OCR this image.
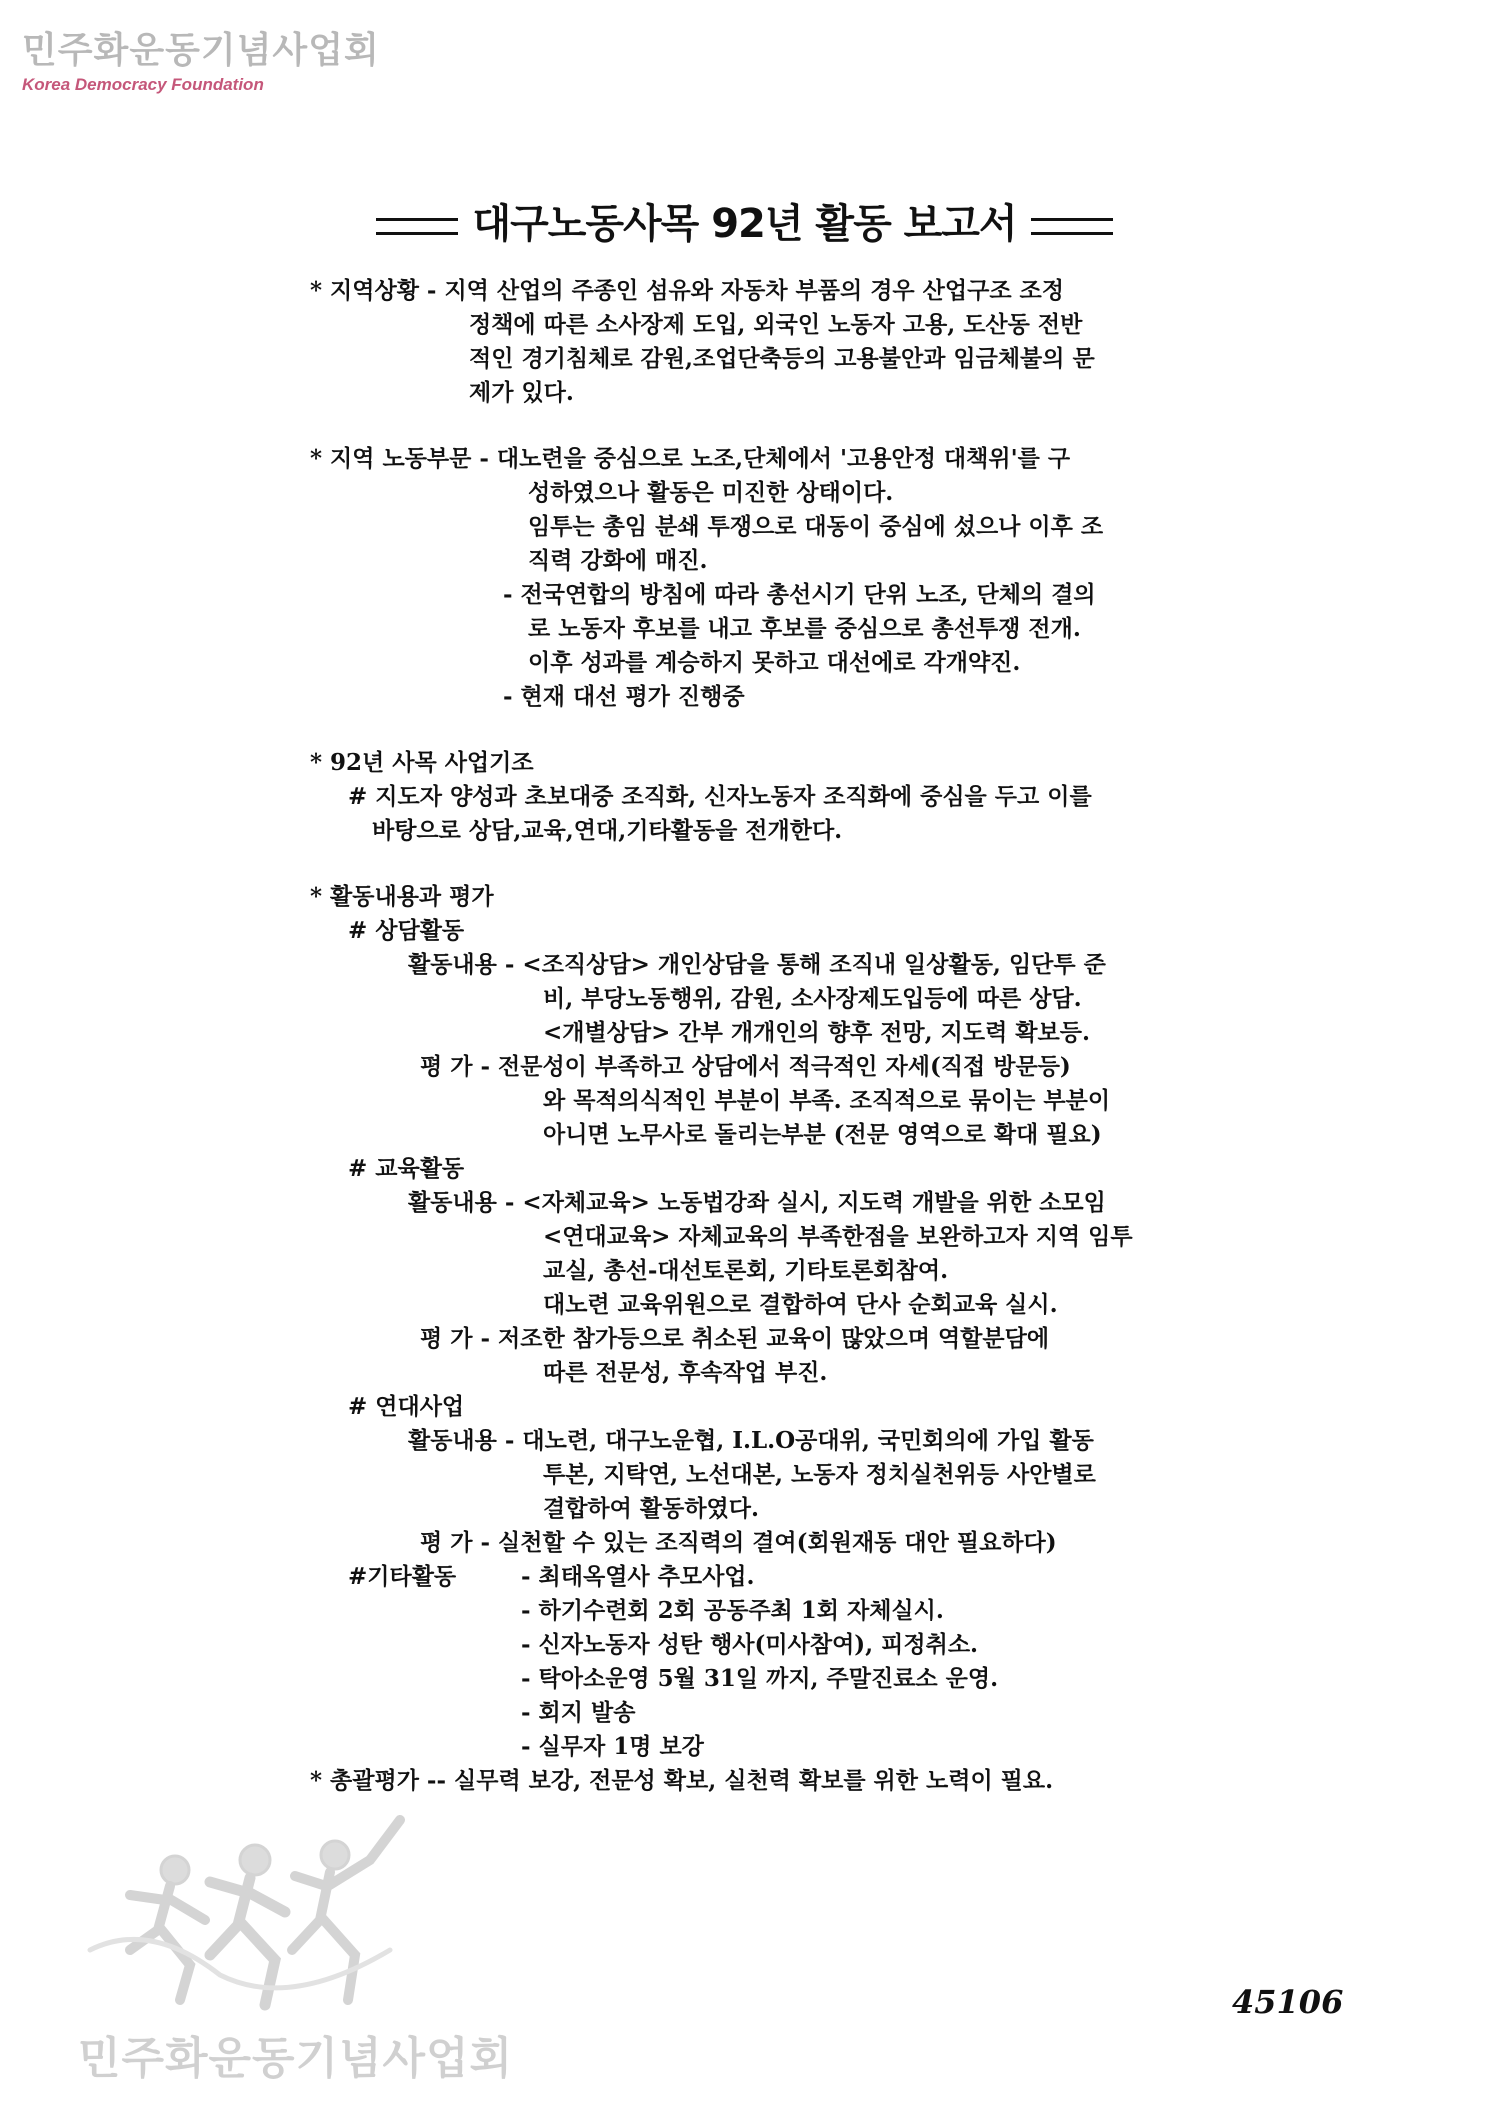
민주화운동기념사업회
Korea Democracy Foundation
대구노동사목 92년 활동 보고서
* 지역상황 - 지역 산업의 주종인 섬유와 자동차 부품의 경우 산업구조 조정
정책에 따른 소사장제 도입, 외국인 노동자 고용, 도산동 전반
적인 경기침체로 감원,조업단축등의 고용불안과 임금체불의 문
제가 있다.
* 지역 노동부문 - 대노련을 중심으로 노조,단체에서 '고용안정 대책위'를 구
성하였으나 활동은 미진한 상태이다.
임투는 총임 분쇄 투쟁으로 대동이 중심에 섰으나 이후 조
직력 강화에 매진.
- 전국연합의 방침에 따라 총선시기 단위 노조, 단체의 결의
로 노동자 후보를 내고 후보를 중심으로 총선투쟁 전개.
이후 성과를 계승하지 못하고 대선에로 각개약진.
- 현재 대선 평가 진행중
* 92년 사목 사업기조
# 지도자 양성과 초보대중 조직화, 신자노동자 조직화에 중심을 두고 이를
바탕으로 상담,교육,연대,기타활동을 전개한다.
* 활동내용과 평가
# 상담활동
활동내용 - <조직상담> 개인상담을 통해 조직내 일상활동, 임단투 준
비, 부당노동행위, 감원, 소사장제도입등에 따른 상담.
<개별상담> 간부 개개인의 향후 전망, 지도력 확보등.
평 가 - 전문성이 부족하고 상담에서 적극적인 자세(직접 방문등)
와 목적의식적인 부분이 부족. 조직적으로 묶이는 부분이
아니면 노무사로 돌리는부분 (전문 영역으로 확대 필요)
# 교육활동
활동내용 - <자체교육> 노동법강좌 실시, 지도력 개발을 위한 소모임
<연대교육> 자체교육의 부족한점을 보완하고자 지역 임투
교실, 총선-대선토론회, 기타토론회참여.
대노련 교육위원으로 결합하여 단사 순회교육 실시.
평 가 - 저조한 참가등으로 취소된 교육이 많았으며 역할분담에
따른 전문성, 후속작업 부진.
# 연대사업
활동내용 - 대노련, 대구노운협, I.L.O공대위, 국민회의에 가입 활동
투본, 지탁연, 노선대본, 노동자 정치실천위등 사안별로
결합하여 활동하였다.
평 가 - 실천할 수 있는 조직력의 결여(회원재동 대안 필요하다)
#기타활동	- 최태옥열사 추모사업.
- 하기수련회 2회 공동주최 1회 자체실시.
- 신자노동자 성탄 행사(미사참여), 피정취소.
- 탁아소운영 5월 31일 까지, 주말진료소 운영.
- 회지 발송
- 실무자 1명 보강
* 총괄평가 -- 실무력 보강, 전문성 확보, 실천력 확보를 위한 노력이 필요.
민주화운동기념사업회
45106
